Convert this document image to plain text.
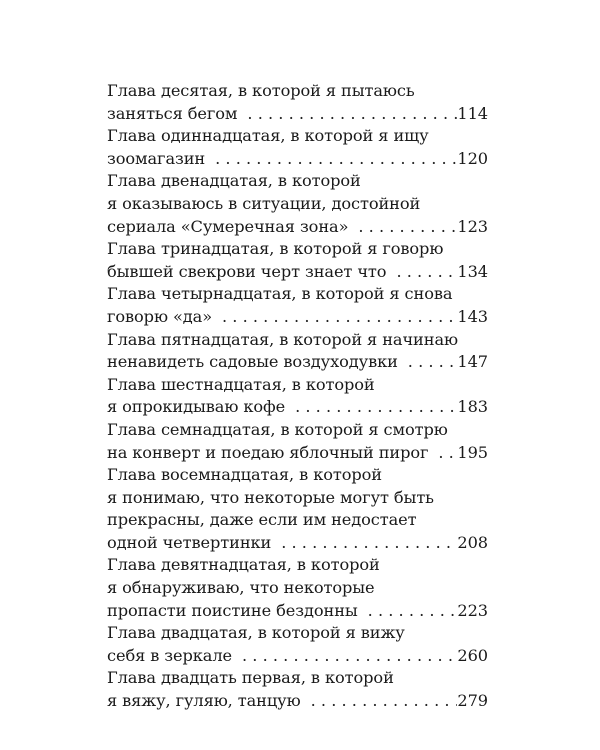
Глава десятая, в которой я пытаюсь
заняться бегом . . .	114
Глава одиннадцатая, в которой я ищу
зоомагазин . . .	120
Глава двенадцатая, в которой
я оказываюсь в ситуации, достойной
сериала «Сумеречная зона» . . .	123
Глава тринадцатая, в которой я говорю
бывшей свекрови черт знает что . . .	134
Глава четырнадцатая, в которой я снова
говорю «да» . . .	143
Глава пятнадцатая, в которой я начинаю
ненавидеть садовые воздуходувки . . .	147
Глава шестнадцатая, в которой
я опрокидываю кофе . . .	183
Глава семнадцатая, в которой я смотрю
на конверт и поедаю яблочный пирог . . . 195
Глава восемнадцатая, в которой
я понимаю, что некоторые могут быть
прекрасны, даже если им недостает
одной четвертинки . . .	208
Глава девятнадцатая, в которой
я обнаруживаю, что некоторые
пропасти поистине бездонны . . .	223
Глава двадцатая, в которой я вижу
себя в зеркале . . .	260
Глава двадцать первая, в которой
я вяжу, гуляю, танцую . . .	279
